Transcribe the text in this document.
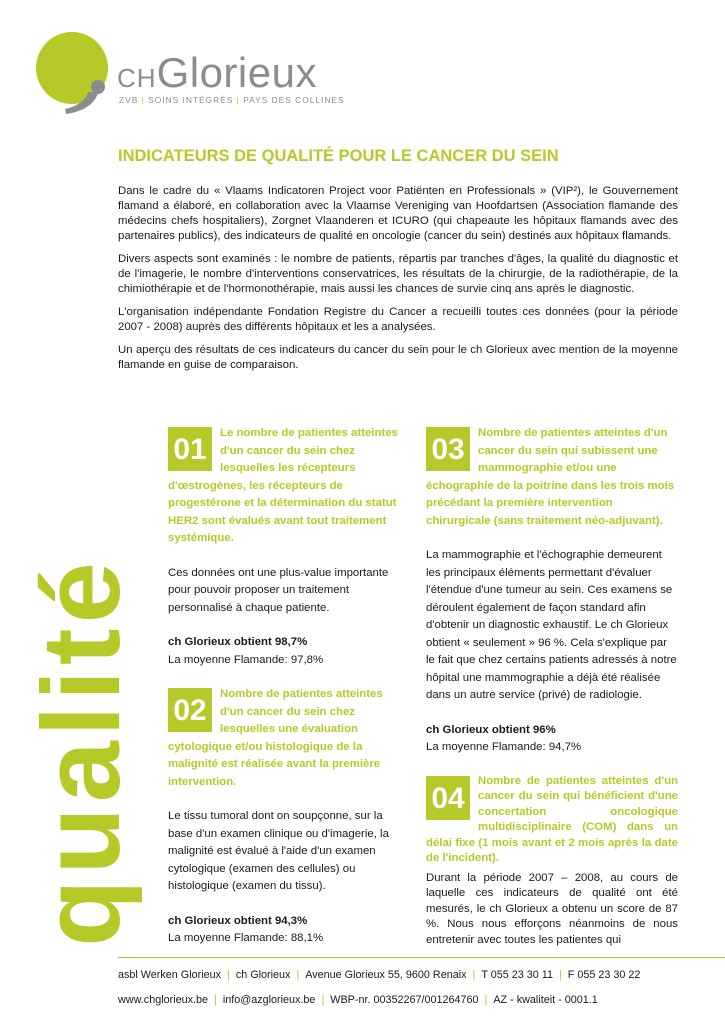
CHGlorieux
ZVB | SOINS INTÉGRÉS | PAYS DES COLLINES
INDICATEURS DE QUALITÉ POUR LE CANCER DU SEIN

Dans le cadre du « Vlaams Indicatoren Project voor Patiënten en Professionals » (VIP²), le Gouvernement flamand a élaboré, en collaboration avec la Vlaamse Vereniging van Hoofdartsen (Association flamande des médecins chefs hospitaliers), Zorgnet Vlaanderen et ICURO (qui chapeaute les hôpitaux flamands avec des partenaires publics), des indicateurs de qualité en oncologie (cancer du sein) destinés aux hôpitaux flamands.

Divers aspects sont examinés : le nombre de patients, répartis par tranches d'âges, la qualité du diagnostic et de l'imagerie, le nombre d'interventions conservatrices, les résultats de la chirurgie, de la radiothérapie, de la chimiothérapie et de l'hormonothérapie, mais aussi les chances de survie cinq ans après le diagnostic.

L'organisation indépendante Fondation Registre du Cancer a recueilli toutes ces données (pour la période 2007 - 2008) auprès des différents hôpitaux et les a analysées.

Un aperçu des résultats de ces indicateurs du cancer du sein pour le ch Glorieux avec mention de la moyenne flamande en guise de comparaison.

qualité
01	Le nombre de patientes atteintes d'un cancer du sein chez lesquelles les récepteurs d'œstrogènes, les récepteurs de progestérone et la détermination du statut HER2 sont évalués avant tout traitement systémique.

Ces données ont une plus-value importante pour pouvoir proposer un traitement personnalisé à chaque patiente.

ch Glorieux obtient 98,7%

La moyenne Flamande: 97,8%

02	Nombre de patientes atteintes d'un cancer du sein chez lesquelles une évaluation cytologique et/ou histologique de la malignité est réalisée avant la première intervention.

Le tissu tumoral dont on soupçonne, sur la base d'un examen clinique ou d'imagerie, la malignité est évalué à l'aide d'un examen cytologique (examen des cellules) ou histologique (examen du tissu).

ch Glorieux obtient 94,3%

La moyenne Flamande: 88,1%

03	Nombre de patientes atteintes d'un cancer du sein qui subissent une mammographie et/ou une échographie de la poitrine dans les trois mois précédant la première intervention chirurgicale (sans traitement néo-adjuvant).

La mammographie et l'échographie demeurent les principaux éléments permettant d'évaluer l'étendue d'une tumeur au sein. Ces examens se déroulent également de façon standard afin d'obtenir un diagnostic exhaustif. Le ch Glorieux obtient « seulement » 96 %. Cela s'explique par le fait que chez certains patients adressés à notre hôpital une mammographie a déjà été réalisée dans un autre service (privé) de radiologie.

ch Glorieux obtient 96%

La moyenne Flamande: 94,7%

04

Nombre de patientes atteintes d'un cancer du sein qui bénéficient d'une concertation oncologique multidisciplinaire (COM) dans un délai fixe (1 mois avant et 2 mois après la date de l'incident).

Durant la période 2007 – 2008, au cours de laquelle ces indicateurs de qualité ont été mesurés, le ch Glorieux a obtenu un score de 87 %. Nous nous efforçons néanmoins de nous entretenir avec toutes les patientes qui

asbl Werken Glorieux | ch Glorieux | Avenue Glorieux 55, 9600 Renaix | T 055 23 30 11 | F 055 23 30 22
www.chglorieux.be | info@azglorieux.be | WBP-nr. 00352267/001264760 | AZ - kwaliteit - 0001.1
